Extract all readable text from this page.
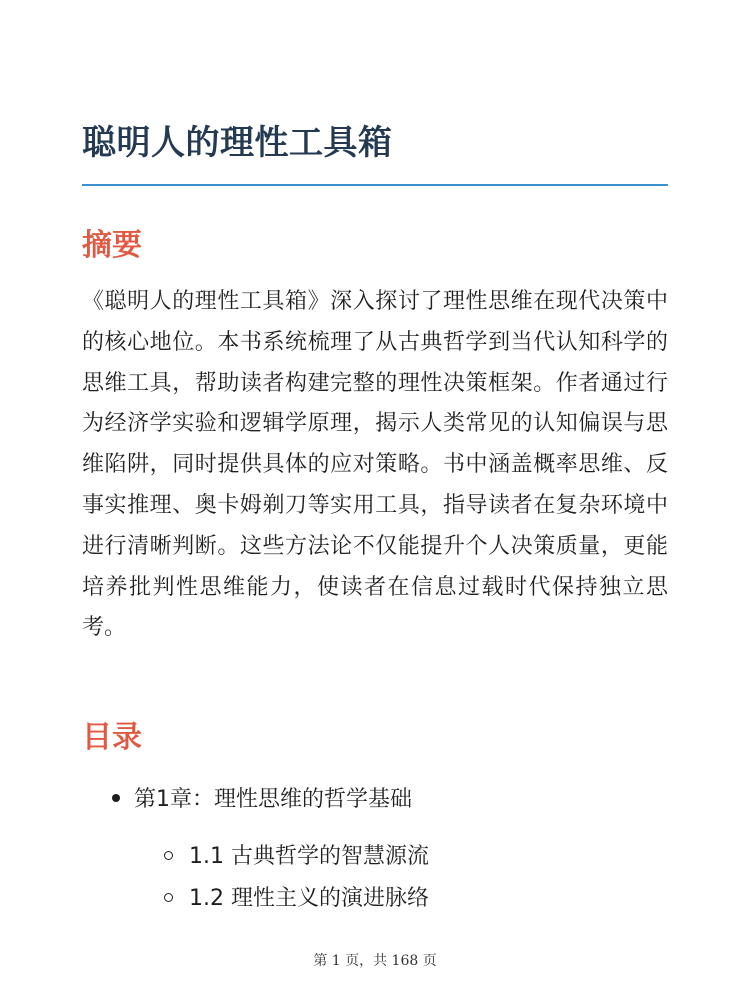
聪明人的理性工具箱
摘要

《聪明人的理性工具箱》深入探讨了理性思维在现代决策中的核心地位。本书系统梳理了从古典哲学到当代认知科学的思维工具，帮助读者构建完整的理性决策框架。作者通过行为经济学实验和逻辑学原理，揭示人类常见的认知偏误与思维陷阱，同时提供具体的应对策略。书中涵盖概率思维、反事实推理、奥卡姆剃刀等实用工具，指导读者在复杂环境中进行清晰判断。这些方法论不仅能提升个人决策质量，更能培养批判性思维能力，使读者在信息过载时代保持独立思考。

目录
第1章：理性思维的哲学基础
1.1 古典哲学的智慧源流
1.2 理性主义的演进脉络
第 1 页，共 168 页
